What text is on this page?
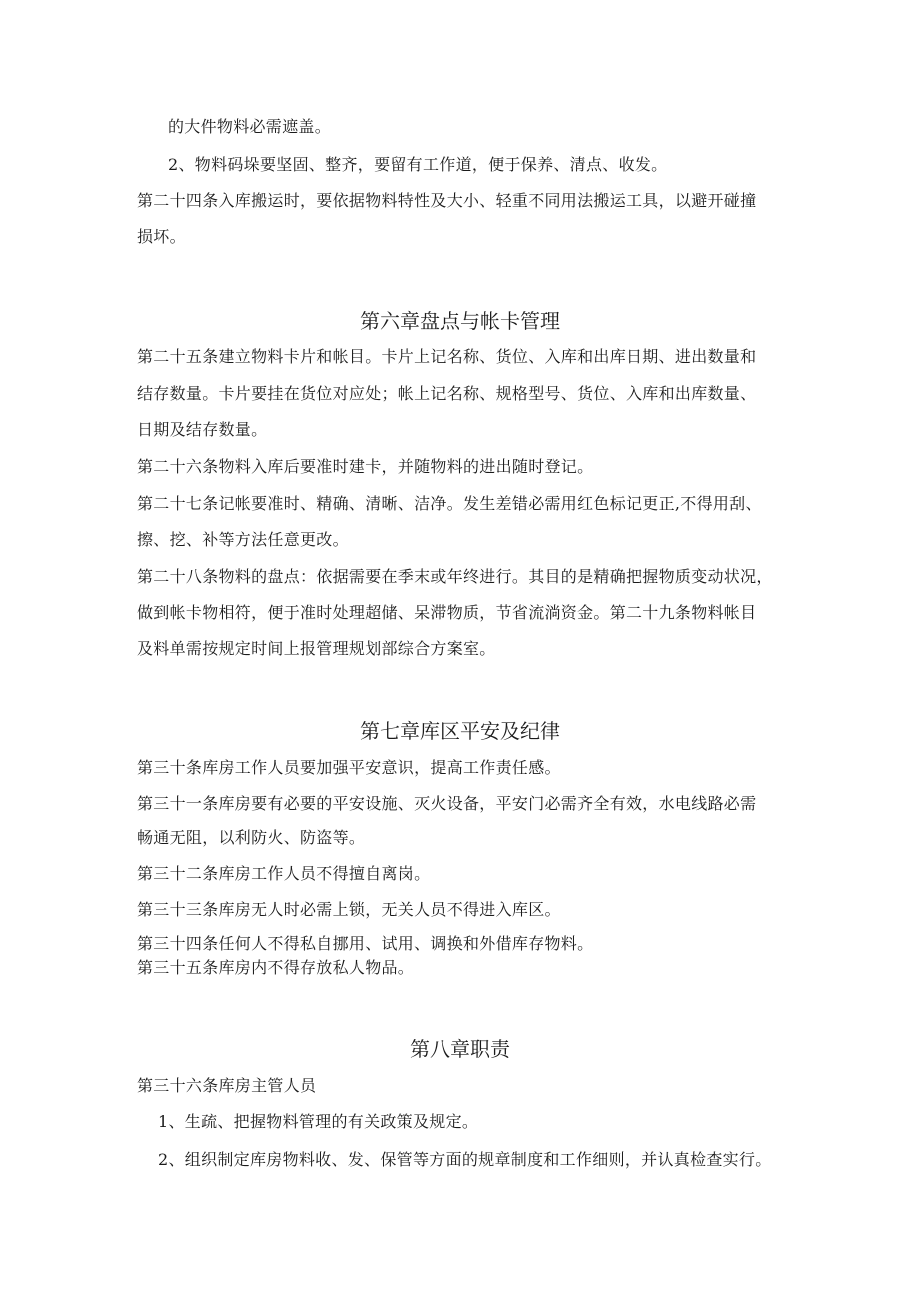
的大件物料必需遮盖。
2、物料码垛要坚固、整齐，要留有工作道，便于保养、清点、收发。
第二十四条入库搬运时，要依据物料特性及大小、轻重不同用法搬运工具，以避开碰撞
损坏。
第六章盘点与帐卡管理
第二十五条建立物料卡片和帐目。卡片上记名称、货位、入库和出库日期、进出数量和
结存数量。卡片要挂在货位对应处；帐上记名称、规格型号、货位、入库和出库数量、
日期及结存数量。
第二十六条物料入库后要准时建卡，并随物料的进出随时登记。
第二十七条记帐要准时、精确、清晰、洁净。发生差错必需用红色标记更正,不得用刮、
擦、挖、补等方法任意更改。
第二十八条物料的盘点：依据需要在季末或年终进行。其目的是精确把握物质变动状况，
做到帐卡物相符，便于准时处理超储、呆滞物质，节省流淌资金。第二十九条物料帐目
及料单需按规定时间上报管理规划部综合方案室。
第七章库区平安及纪律
第三十条库房工作人员要加强平安意识，提高工作责任感。
第三十一条库房要有必要的平安设施、灭火设备，平安门必需齐全有效，水电线路必需
畅通无阻，以利防火、防盗等。
第三十二条库房工作人员不得擅自离岗。
第三十三条库房无人时必需上锁，无关人员不得进入库区。
第三十四条任何人不得私自挪用、试用、调换和外借库存物料。
第三十五条库房内不得存放私人物品。
第八章职责
第三十六条库房主管人员
1、生疏、把握物料管理的有关政策及规定。
2、组织制定库房物料收、发、保管等方面的规章制度和工作细则，并认真检查实行。
